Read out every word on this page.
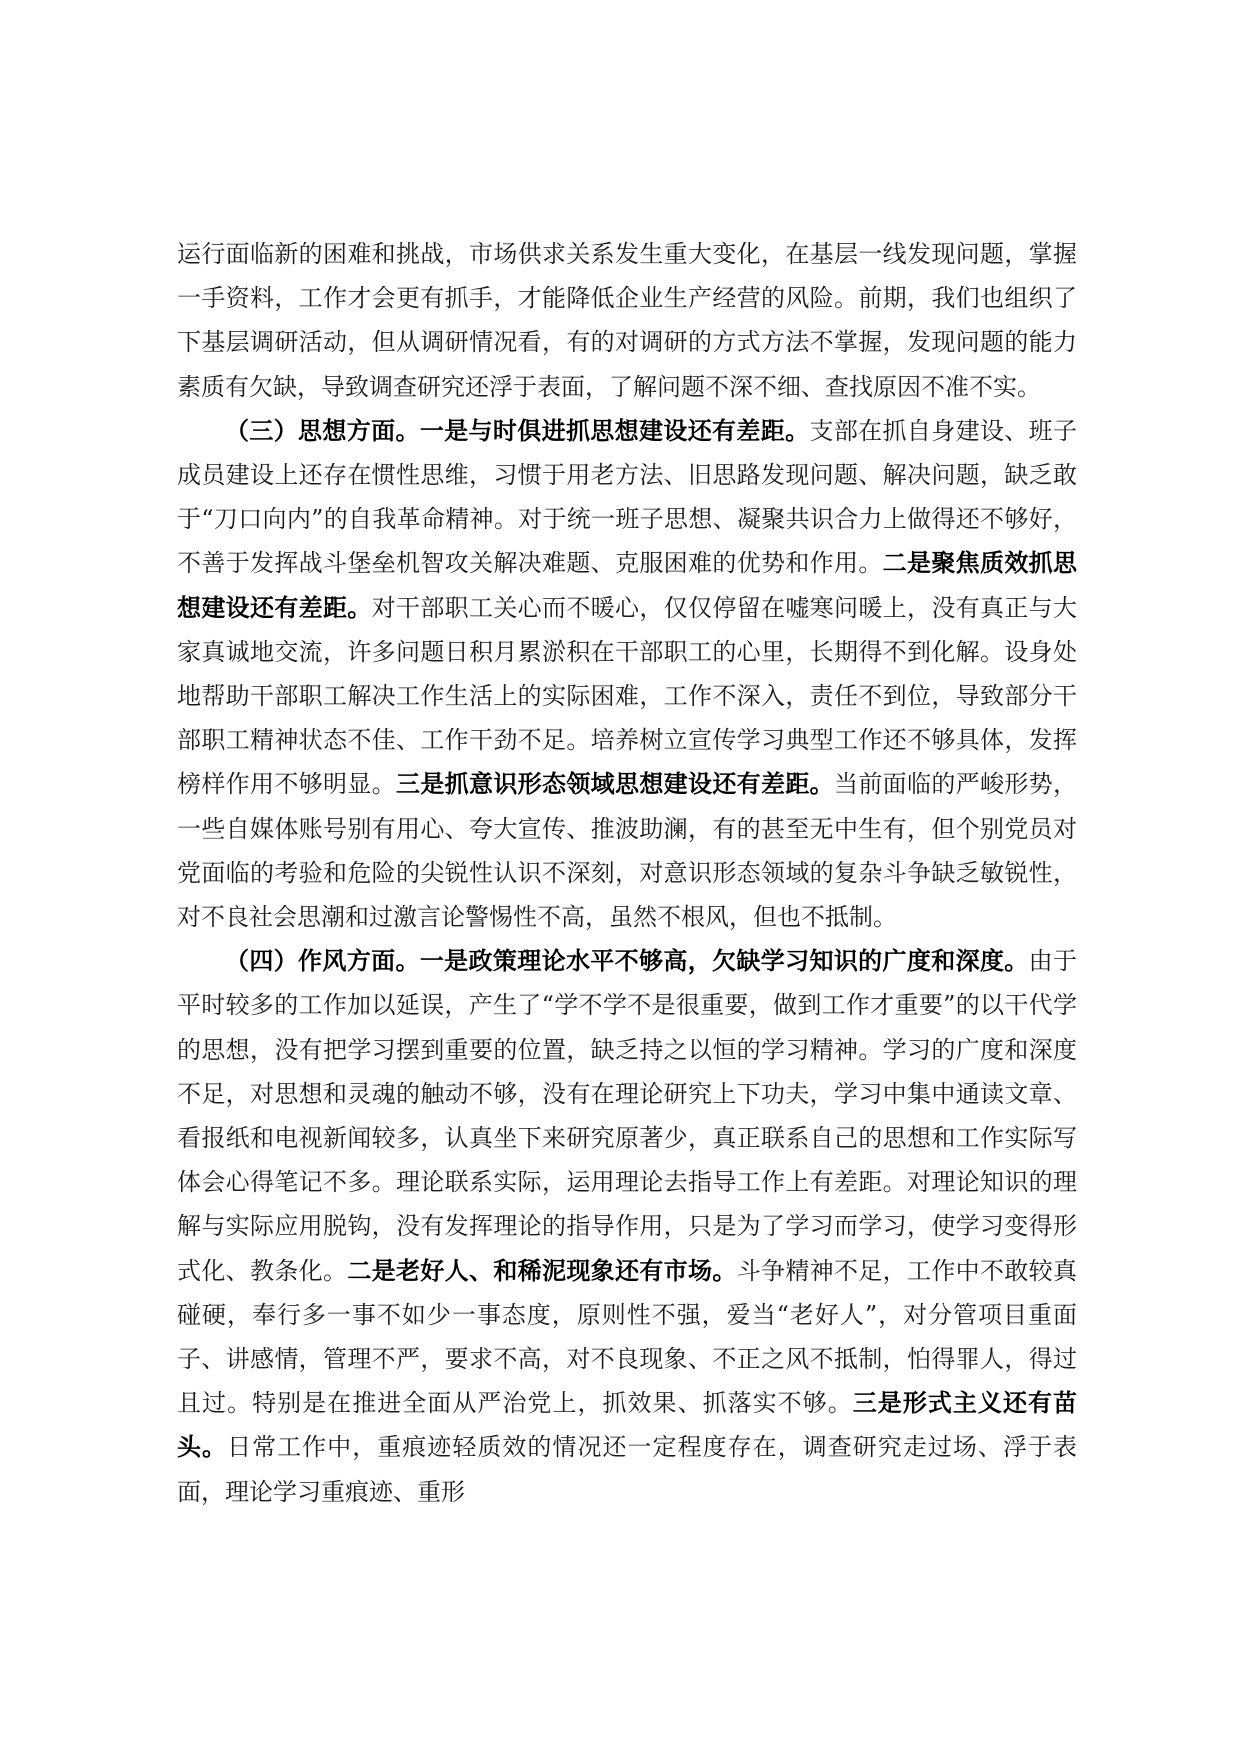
运行面临新的困难和挑战，市场供求关系发生重大变化，在基层一线发现问题，掌握一手资料，工作才会更有抓手，才能降低企业生产经营的风险。前期，我们也组织了下基层调研活动，但从调研情况看，有的对调研的方式方法不掌握，发现问题的能力素质有欠缺，导致调查研究还浮于表面，了解问题不深不细、查找原因不准不实。

（三）思想方面。一是与时俱进抓思想建设还有差距。支部在抓自身建设、班子成员建设上还存在惯性思维，习惯于用老方法、旧思路发现问题、解决问题，缺乏敢于“刀口向内”的自我革命精神。对于统一班子思想、凝聚共识合力上做得还不够好，不善于发挥战斗堡垒机智攻关解决难题、克服困难的优势和作用。二是聚焦质效抓思想建设还有差距。对干部职工关心而不暖心，仅仅停留在嘘寒问暖上，没有真正与大家真诚地交流，许多问题日积月累淤积在干部职工的心里，长期得不到化解。设身处地帮助干部职工解决工作生活上的实际困难，工作不深入，责任不到位，导致部分干部职工精神状态不佳、工作干劲不足。培养树立宣传学习典型工作还不够具体，发挥榜样作用不够明显。三是抓意识形态领域思想建设还有差距。当前面临的严峻形势，一些自媒体账号别有用心、夸大宣传、推波助澜，有的甚至无中生有，但个别党员对党面临的考验和危险的尖锐性认识不深刻，对意识形态领域的复杂斗争缺乏敏锐性，对不良社会思潮和过激言论警惕性不高，虽然不根风，但也不抵制。

（四）作风方面。一是政策理论水平不够高，欠缺学习知识的广度和深度。由于平时较多的工作加以延误，产生了“学不学不是很重要，做到工作才重要”的以干代学的思想，没有把学习摆到重要的位置，缺乏持之以恒的学习精神。学习的广度和深度不足，对思想和灵魂的触动不够，没有在理论研究上下功夫，学习中集中通读文章、看报纸和电视新闻较多，认真坐下来研究原著少，真正联系自己的思想和工作实际写体会心得笔记不多。理论联系实际，运用理论去指导工作上有差距。对理论知识的理解与实际应用脱钩，没有发挥理论的指导作用，只是为了学习而学习，使学习变得形式化、教条化。二是老好人、和稀泥现象还有市场。斗争精神不足，工作中不敢较真碰硬，奉行多一事不如少一事态度，原则性不强，爱当“老好人”，对分管项目重面子、讲感情，管理不严，要求不高，对不良现象、不正之风不抵制，怕得罪人，得过且过。特别是在推进全面从严治党上，抓效果、抓落实不够。三是形式主义还有苗头。日常工作中，重痕迹轻质效的情况还一定程度存在，调查研究走过场、浮于表面，理论学习重痕迹、重形
